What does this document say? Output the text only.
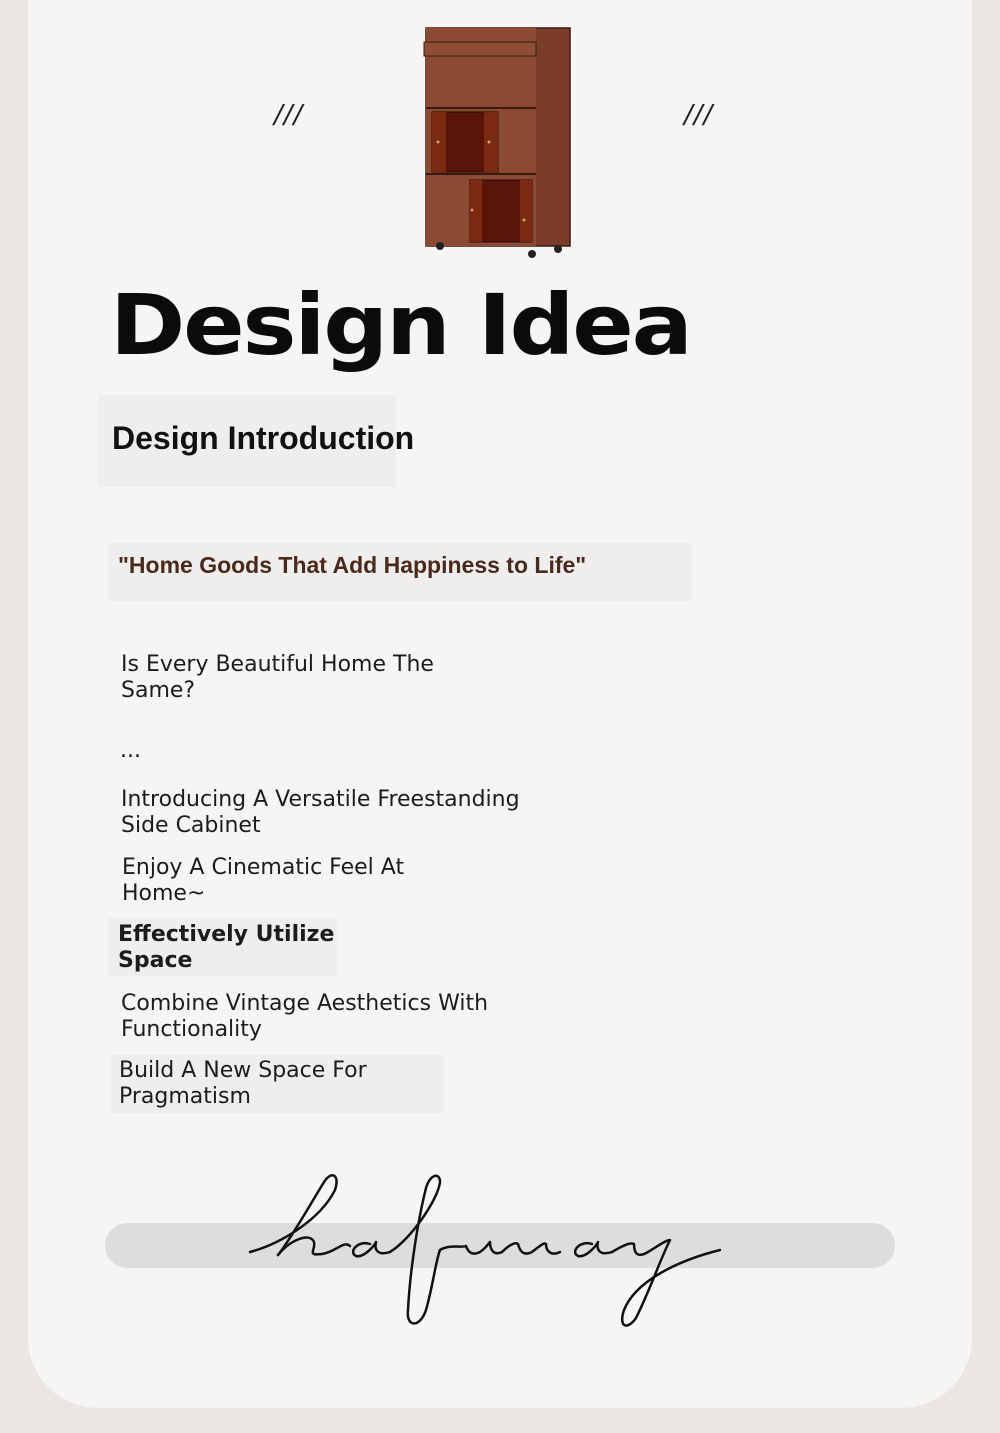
///	///
Design Idea
Design Introduction
"Home Goods That Add Happiness to Life"
Is Every Beautiful Home The Same?
...
Introducing A Versatile Freestanding Side Cabinet
Enjoy A Cinematic Feel At Home~
Effectively Utilize Space
Combine Vintage Aesthetics With Functionality
Build A New Space For Pragmatism
